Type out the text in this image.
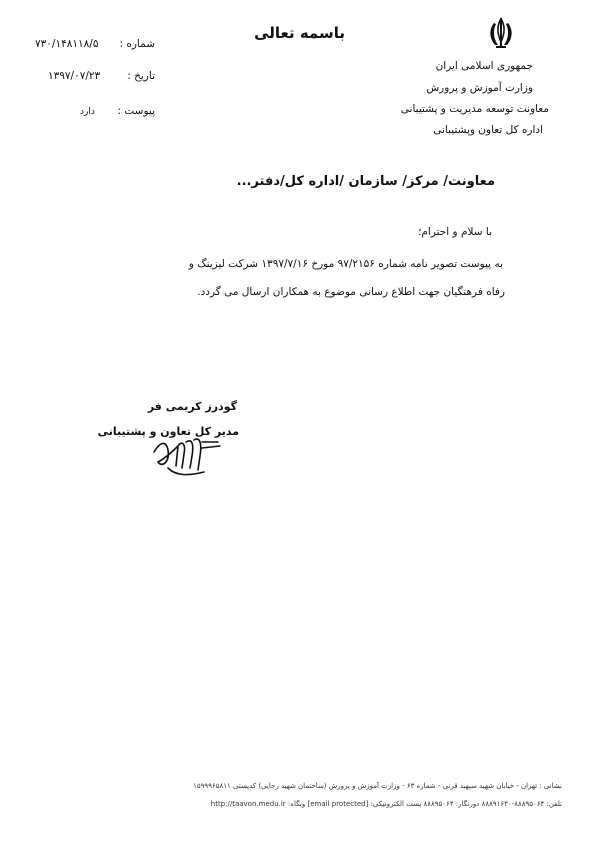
باسمه تعالی
جمهوری اسلامی ایران
وزارت آموزش و پرورش
معاونت توسعه مدیریت و پشتیبانی
اداره کل تعاون وپشتیبانی
شماره :
۷۳۰/۱۴۸۱۱۸/۵
تاریخ :
۱۳۹۷/۰۷/۲۳
پیوست :
دارد
معاونت/ مرکز/ سازمان /اداره کل/دفتر...
با سلام و احترام؛
به پیوست تصویر نامه شماره ۹۷/۲۱۵۶ مورخ ۱۳۹۷/۷/۱۶ شرکت لیزینگ و
رفاه فرهنگیان جهت اطلاع رسانی موضوع به همکاران ارسال می گردد.
گودرز کریمی فر
مدیر کل تعاون و پشتیبانی
نشانی : تهران - خیابان شهید سپهبد قرنی - شماره ۶۳ - وزارت آموزش و پرورش (ساختمان شهید رجایی) کدپستی ۱۵۹۹۹۶۵۸۱۱
تلفن: ۸۸۸۹۵۰۶۴-۸۸۸۹۱۶۳۰ دورنگار: ۸۸۸۹۵۰۶۴ پست الکترونیکی: [email protected] وبگاه: http://taavon.medu.ir
